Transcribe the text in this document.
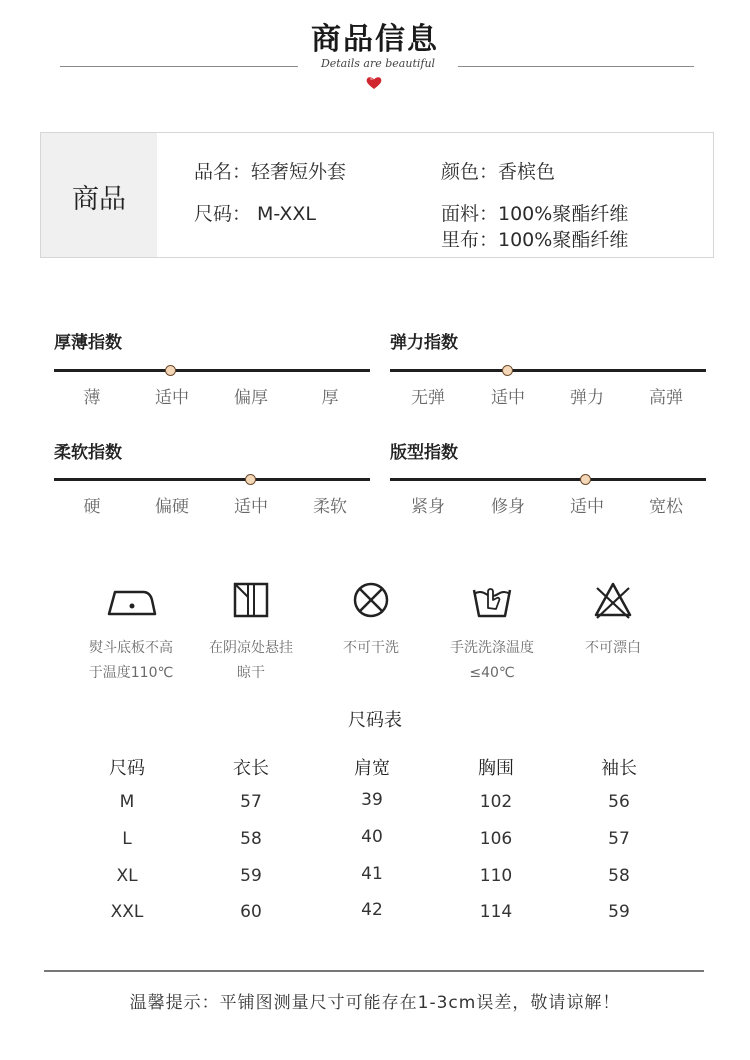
商品信息
Details are beautiful
商品
品名：轻奢短外套
尺码： M-XXL
颜色：香槟色
面料：100%聚酯纤维
里布：100%聚酯纤维
厚薄指数
薄	适中	偏厚	厚
弹力指数
无弹	适中	弹力	高弹
柔软指数
硬	偏硬	适中	柔软
版型指数
紧身	修身	适中	宽松
熨斗底板不高
于温度110℃
在阴凉处悬挂
晾干
不可干洗	手洗洗涤温度
≤40℃
不可漂白
尺码表
尺码	衣长	肩宽	胸围	袖长
M	57	39	102	56
L	58	40	106	57
XL	59	41	110	58
XXL	60	42	114	59
温馨提示：平铺图测量尺寸可能存在1-3cm误差，敬请谅解！
